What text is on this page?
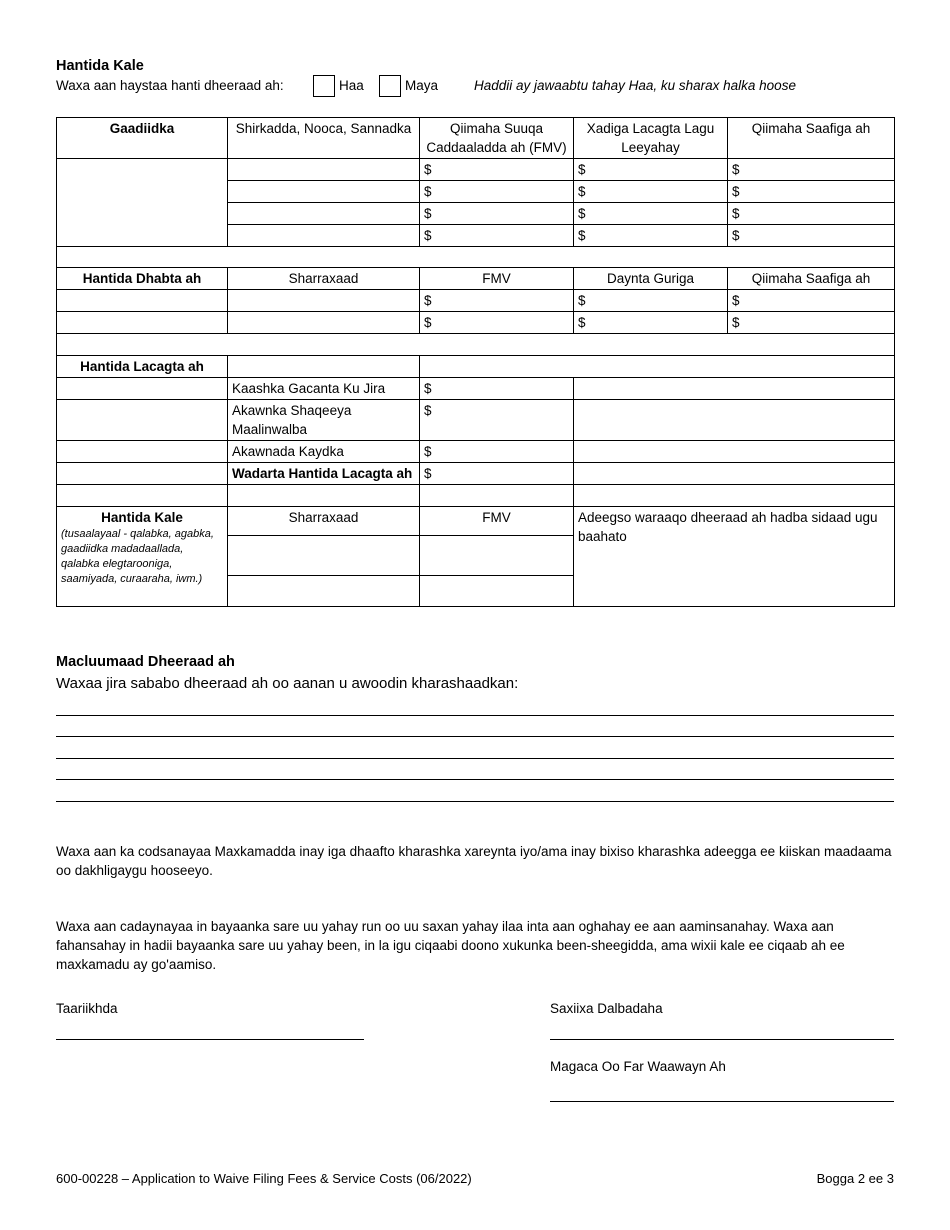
Hantida Kale
Waxa aan haystaa hanti dheeraad ah:	Haa	Maya	Haddii ay jawaabtu tahay Haa, ku sharax halka hoose
Gaadiidka	Shirkadda, Nooca, Sannadka	Qiimaha Suuqa Caddaaladda ah (FMV)	Xadiga Lacagta Lagu Leeyahay	Qiimaha Saafiga ah
		$	$	$
		$	$	$
		$	$	$
		$	$	$

Hantida Dhabta ah	Sharraxaad	FMV	Daynta Guriga	Qiimaha Saafiga ah
		$	$	$
		$	$	$

Hantida Lacagta ah				
	Kaashka Gacanta Ku Jira	$		
	Akawnka Shaqeeya Maalinwalba	$		
	Akawnada Kaydka	$		
	Wadarta Hantida Lacagta ah	$		

Hantida Kale
(tusaalayaal - qalabka, agabka, gaadiidka madadaallada, qalabka elegtarooniga, saamiyada, curaaraha, iwm.)	Sharraxaad	FMV	Adeegso waraaqo dheeraad ah hadba sidaad ugu baahato	

Macluumaad Dheeraad ah
Waxaa jira sababo dheeraad ah oo aanan u awoodin kharashaadkan:
Waxa aan ka codsanayaa Maxkamadda inay iga dhaafto kharashka xareynta iyo/ama inay bixiso kharashka adeegga ee kiiskan maadaama oo dakhligaygu hooseeyo.
Waxa aan cadaynayaa in bayaanka sare uu yahay run oo uu saxan yahay ilaa inta aan oghahay ee aan aaminsanahay. Waxa aan fahansahay in hadii bayaanka sare uu yahay been, in la igu ciqaabi doono xukunka been-sheegidda, ama wixii kale ee ciqaab ah ee maxkamadu ay go'aamiso.
Taariikhda	Saxiixa Dalbadaha
Magaca Oo Far Waawayn Ah
600-00228 – Application to Waive Filing Fees & Service Costs (06/2022)	Bogga 2 ee 3
